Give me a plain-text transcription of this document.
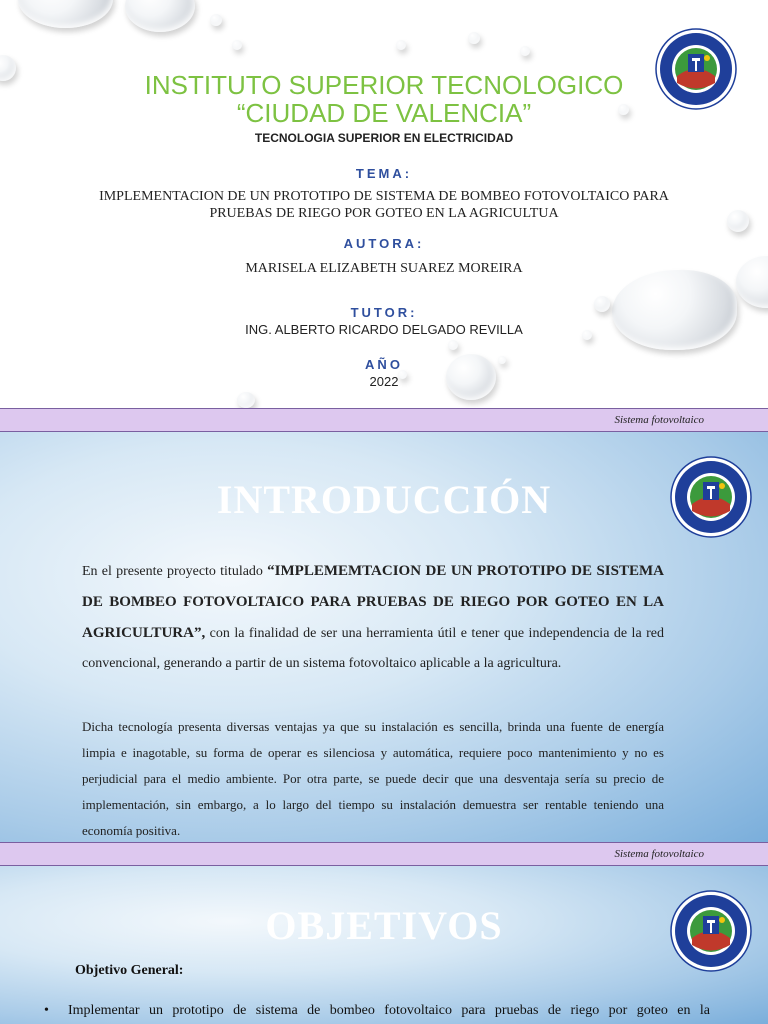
INSTITUTO SUPERIOR TECNOLOGICO
“CIUDAD DE VALENCIA”
TECNOLOGIA SUPERIOR EN ELECTRICIDAD
TEMA:
IMPLEMENTACION DE UN PROTOTIPO DE SISTEMA DE BOMBEO FOTOVOLTAICO PARA
PRUEBAS DE RIEGO POR GOTEO EN LA AGRICULTUA
AUTORA:
MARISELA ELIZABETH SUAREZ MOREIRA
TUTOR:
ING. ALBERTO RICARDO DELGADO REVILLA
AÑO
2022
Sistema fotovoltaico
INTRODUCCIÓN
En el presente proyecto titulado “IMPLEMEMTACION DE UN PROTOTIPO DE SISTEMA DE BOMBEO FOTOVOLTAICO PARA PRUEBAS DE RIEGO POR GOTEO EN LA AGRICULTURA”, con la finalidad de ser una herramienta útil e tener que independencia de la red convencional, generando a partir de un sistema fotovoltaico aplicable a la agricultura.
Dicha tecnología presenta diversas ventajas ya que su instalación es sencilla, brinda una fuente de energía limpia e inagotable, su forma de operar es silenciosa y automática, requiere poco mantenimiento y no es perjudicial para el medio ambiente. Por otra parte, se puede decir que una desventaja sería su precio de implementación, sin embargo, a lo largo del tiempo su instalación demuestra ser rentable teniendo una economía positiva.
Sistema fotovoltaico
OBJETIVOS
Objetivo General:
• Implementar un prototipo de sistema de bombeo fotovoltaico para pruebas de riego por goteo en la
